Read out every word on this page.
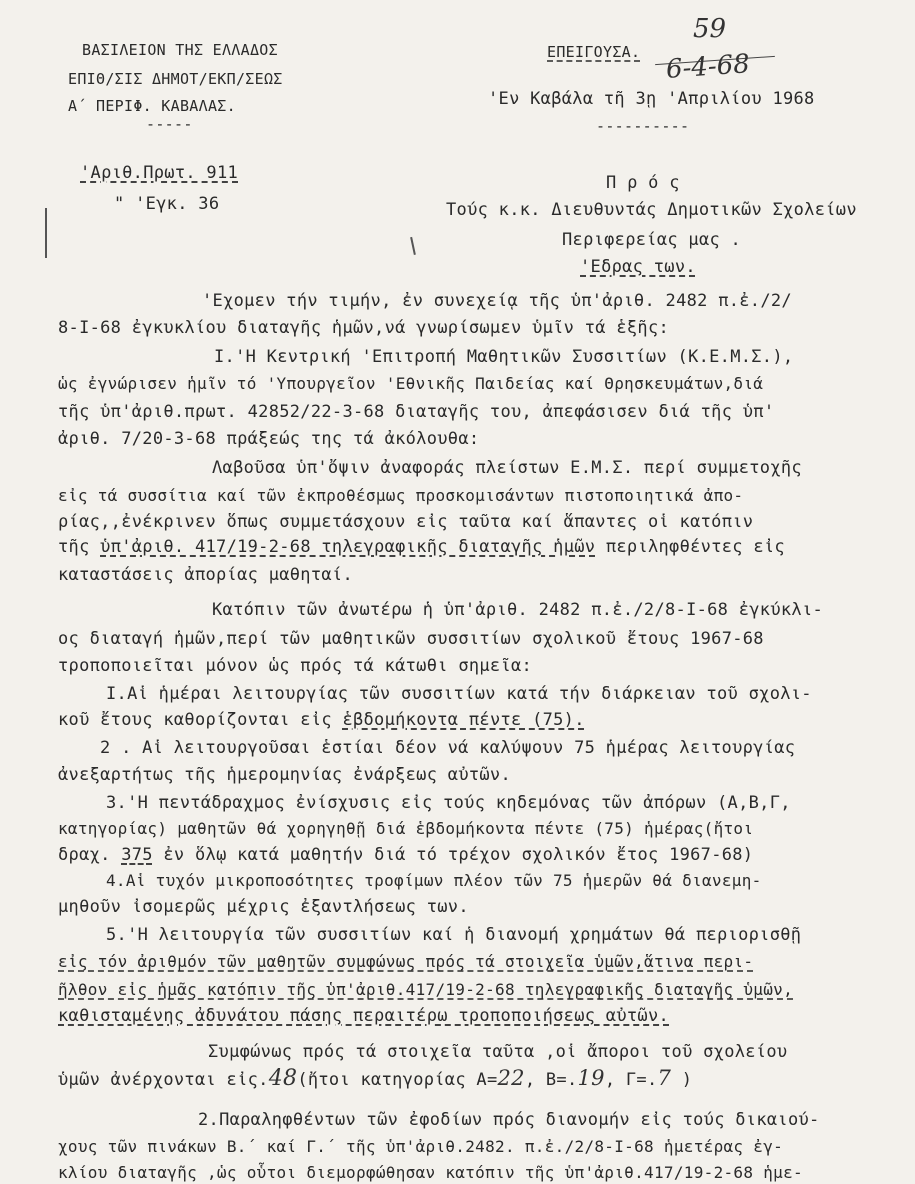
ΒΑΣΙΛΕΙΟΝ ΤΗΣ ΕΛΛΑΔΟΣ
ΕΠΙΘ/ΣΙΣ ΔΗΜΟΤ/ΕΚΠ/ΣΕΩΣ
Α΄ ΠΕΡΙΦ. ΚΑΒΑΛΑΣ.
-----
ΕΠΕΙΓΟΥΣΑ.
59
6-4-68
'Εν Καβάλα τῆ 3ῃ 'Απριλίου 1968
----------
'Αριθ.Πρωτ. 911
" 'Εγκ. 36
Π ρ ό ς
Τούς κ.κ. Διευθυντάς Δημοτικῶν Σχολείων
Περιφερείας μας .
'Εδρας των.
'Εχομεν τήν τιμήν, ἐν συνεχείᾳ τῆς ὑπ'ἀριθ. 2482 π.ἐ./2/
8-Ι-68 ἐγκυκλίου διαταγῆς ἡμῶν,νά γνωρίσωμεν ὑμῖν τά ἑξῆς:
Ι.'Η Κεντρική 'Επιτροπή Μαθητικῶν Συσσιτίων (Κ.Ε.Μ.Σ.),
ὡς ἐγνώρισεν ἡμῖν τό 'Υπουργεῖον 'Εθνικῆς Παιδείας καί Θρησκευμάτων,διά
τῆς ὑπ'ἀριθ.πρωτ. 42852/22-3-68 διαταγῆς του, ἀπεφάσισεν διά τῆς ὑπ'
ἀριθ. 7/20-3-68 πράξεώς της τά ἀκόλουθα:
Λαβοῦσα ὑπ'ὄψιν ἀναφοράς πλείστων Ε.Μ.Σ. περί συμμετοχῆς
εἰς τά συσσίτια καί τῶν ἐκπροθέσμως προσκομισάντων πιστοποιητικά ἀπο-
ρίας,,ἐνέκρινεν ὅπως συμμετάσχουν εἰς ταῦτα καί ἅπαντες οἱ κατόπιν
τῆς ὑπ'ἀριθ. 417/19-2-68 τηλεγραφικῆς διαταγῆς ἡμῶν περιληφθέντες εἰς
καταστάσεις ἀπορίας μαθηταί.
Κατόπιν τῶν ἀνωτέρω ἡ ὑπ'ἀριθ. 2482 π.ἐ./2/8-Ι-68 ἐγκύκλι-
ος διαταγή ἡμῶν,περί τῶν μαθητικῶν συσσιτίων σχολικοῦ ἔτους 1967-68
τροποποιεῖται μόνον ὡς πρός τά κάτωθι σημεῖα:
Ι.Αἱ ἡμέραι λειτουργίας τῶν συσσιτίων κατά τήν διάρκειαν τοῦ σχολι-
κοῦ ἔτους καθορίζονται εἰς ἑβδομήκοντα πέντε (75).
2 . Αἱ λειτουργοῦσαι ἑστίαι δέον νά καλύψουν 75 ἡμέρας λειτουργίας
ἀνεξαρτήτως τῆς ἡμερομηνίας ἐνάρξεως αὐτῶν.
3.'Η πεντάδραχμος ἐνίσχυσις εἰς τούς κηδεμόνας τῶν ἀπόρων (Α,Β,Γ,
κατηγορίας) μαθητῶν θά χορηγηθῇ διά ἑβδομήκοντα πέντε (75) ἡμέρας(ἤτοι
δραχ. 375 ἐν ὅλῳ κατά μαθητήν διά τό τρέχον σχολικόν ἔτος 1967-68)
4.Αἱ τυχόν μικροποσότητες τροφίμων πλέον τῶν 75 ἡμερῶν θά διανεμη-
μηθοῦν ἰσομερῶς μέχρις ἐξαντλήσεως των.
5.'Η λειτουργία τῶν συσσιτίων καί ἡ διανομή χρημάτων θά περιορισθῇ
εἰς τόν ἀριθμόν τῶν μαθητῶν συμφώνως πρός τά στοιχεῖα ὑμῶν,ἅτινα περι-
ῆλθον εἰς ἡμᾶς κατόπιν τῆς ὑπ'ἀριθ.417/19-2-68 τηλεγραφικῆς διαταγῆς ὑμῶν,
καθισταμένης ἀδυνάτου πάσης περαιτέρω τροποποιήσεως αὐτῶν.
Συμφώνως πρός τά στοιχεῖα ταῦτα ,οἱ ἄποροι τοῦ σχολείου
ὑμῶν ἀνέρχονται εἰς.48(ἤτοι κατηγορίας Α=22, Β=.19, Γ=.7 )
2.Παραληφθέντων τῶν ἐφοδίων πρός διανομήν εἰς τούς δικαιού-
χους τῶν πινάκων Β.΄ καί Γ.΄ τῆς ὑπ'ἀριθ.2482. π.ἐ./2/8-Ι-68 ἡμετέρας ἐγ-
κλίου διαταγῆς ,ὡς οὗτοι διεμορφώθησαν κατόπιν τῆς ὑπ'ἀριθ.417/19-2-68 ἡμε-
